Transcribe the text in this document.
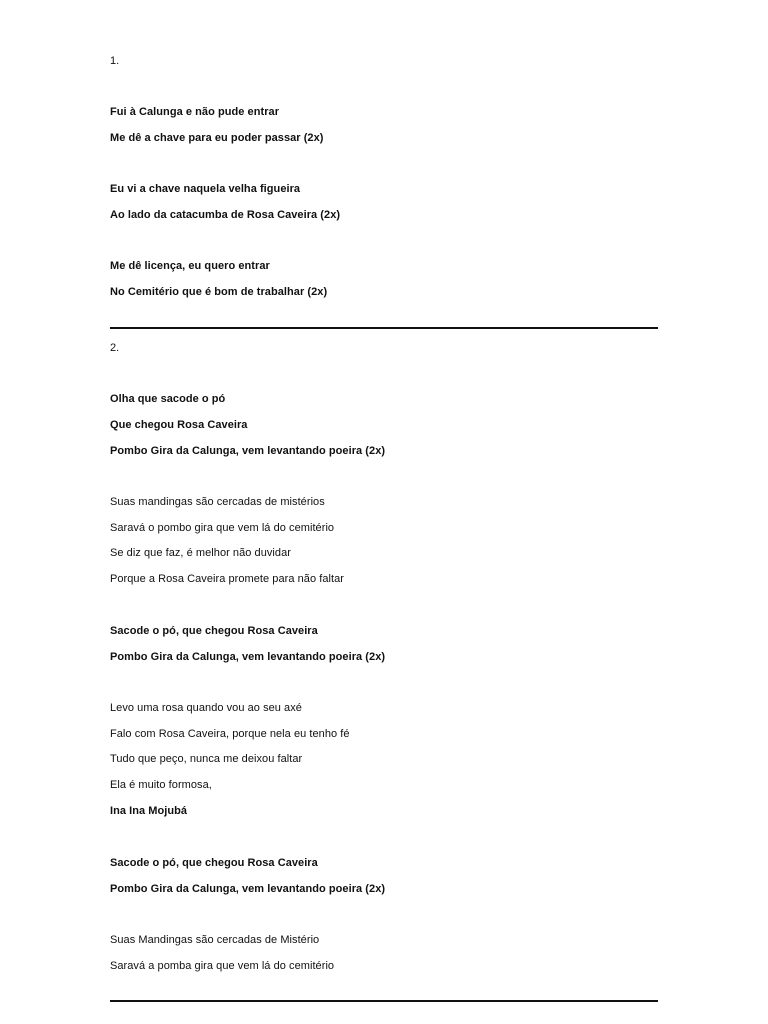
1.
Fui à Calunga e não pude entrar
Me dê a chave para eu poder passar (2x)
Eu vi a chave naquela velha figueira
Ao lado da catacumba de Rosa Caveira (2x)
Me dê licença, eu quero entrar
No Cemitério que é bom de trabalhar (2x)
2.
Olha que sacode o pó
Que chegou Rosa Caveira
Pombo Gira da Calunga, vem levantando poeira (2x)
Suas mandingas são cercadas de mistérios
Saravá o pombo gira que vem lá do cemitério
Se diz que faz, é melhor não duvidar
Porque a Rosa Caveira promete para não faltar
Sacode o pó, que chegou Rosa Caveira
Pombo Gira da Calunga, vem levantando poeira (2x)
Levo uma rosa quando vou ao seu axé
Falo com Rosa Caveira, porque nela eu tenho fé
Tudo que peço, nunca me deixou faltar
Ela é muito formosa,
Ina Ina Mojubá
Sacode o pó, que chegou Rosa Caveira
Pombo Gira da Calunga, vem levantando poeira (2x)
Suas Mandingas são cercadas de Mistério
Saravá a pomba gira que vem lá do cemitério
